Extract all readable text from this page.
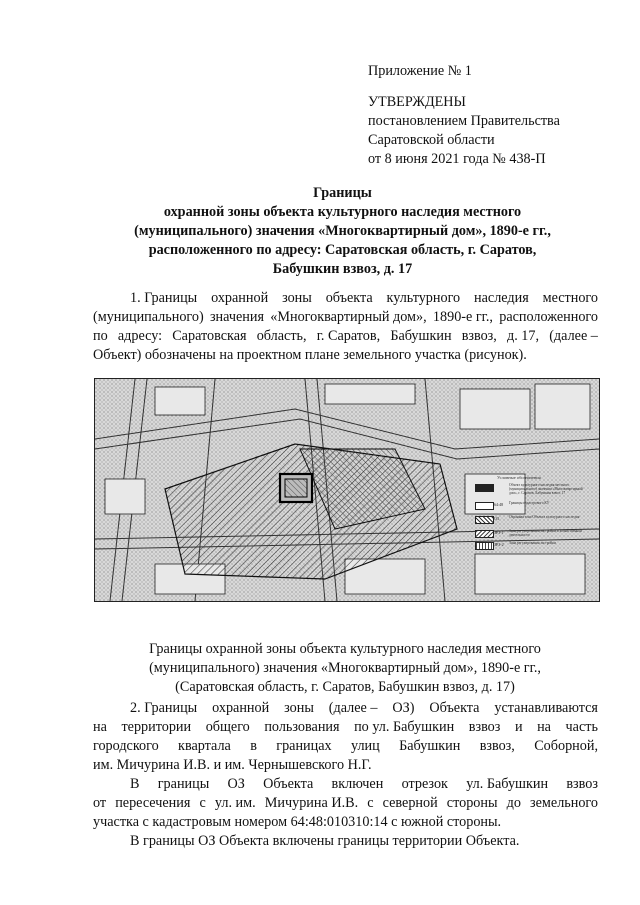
Приложение № 1
УТВЕРЖДЕНЫ
постановлением Правительства
Саратовской области
от 8 июня 2021 года № 438-П
Границы
охранной зоны объекта культурного наследия местного
(муниципального) значения «Многоквартирный дом», 1890-е гг.,
расположенного по адресу: Саратовская область, г. Саратов,
Бабушкин взвоз, д. 17
1. Границы охранной зоны объекта культурного наследия местного
(муниципального) значения «Многоквартирный дом», 1890-е гг., расположенного
по адресу: Саратовская область, г. Саратов, Бабушкин взвоз, д. 17, (далее –
Объект) обозначены на проектном плане земельного участка (рисунок).
Условные обозначения
Объект культурного наследия местного (муниципального) значения «Многоквартирный дом», г. Саратов, Бабушкин взвоз, 17
64:48 Границы кадастрового КУ
ОЗ	Охранная зона Объекта культурного наследия
ЗРЗ-1 Зона регулирования застройки и хозяйственной деятельности
ЗРЗ-2 Зона регулирования застройки
Границы охранной зоны объекта культурного наследия местного
(муниципального) значения «Многоквартирный дом», 1890-е гг.,
(Саратовская область, г. Саратов, Бабушкин взвоз, д. 17)
2. Границы охранной зоны (далее – ОЗ) Объекта устанавливаются
на территории общего пользования по ул. Бабушкин взвоз и на часть
городского квартала в границах улиц Бабушкин взвоз, Соборной,
им. Мичурина И.В. и им. Чернышевского Н.Г.
В границы ОЗ Объекта включен отрезок ул. Бабушкин взвоз
от пересечения с ул. им. Мичурина И.В. с северной стороны до земельного
участка с кадастровым номером 64:48:010310:14 с южной стороны.
В границы ОЗ Объекта включены границы территории Объекта.
